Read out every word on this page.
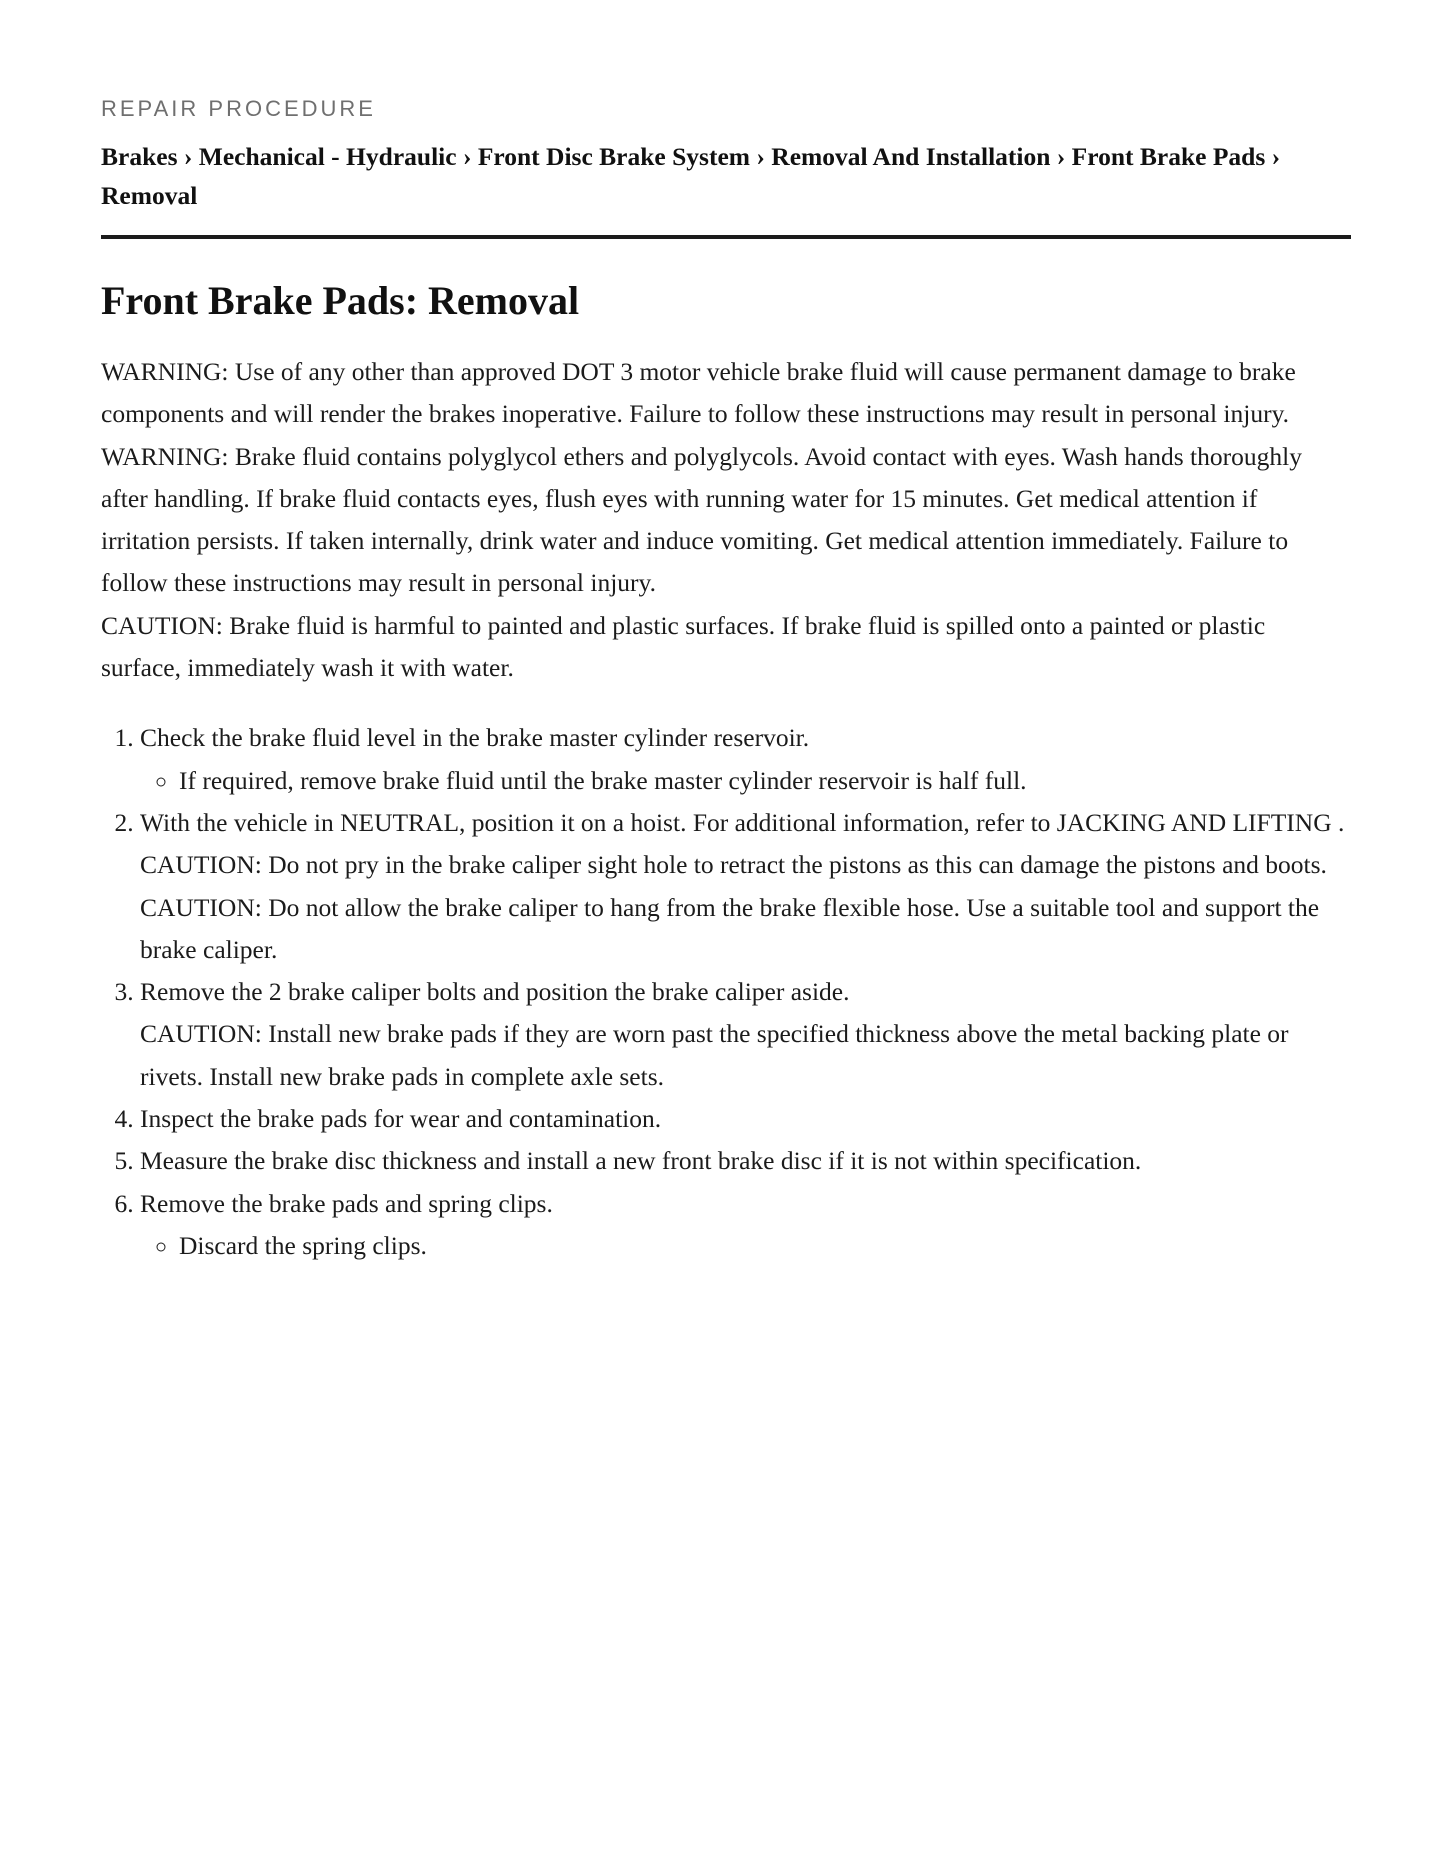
REPAIR PROCEDURE

Brakes › Mechanical - Hydraulic › Front Disc Brake System › Removal And Installation › Front Brake Pads › Removal
Front Brake Pads: Removal

WARNING: Use of any other than approved DOT 3 motor vehicle brake fluid will cause permanent damage to brake components and will render the brakes inoperative. Failure to follow these instructions may result in personal injury.

WARNING: Brake fluid contains polyglycol ethers and polyglycols. Avoid contact with eyes. Wash hands thoroughly after handling. If brake fluid contacts eyes, flush eyes with running water for 15 minutes. Get medical attention if irritation persists. If taken internally, drink water and induce vomiting. Get medical attention immediately. Failure to follow these instructions may result in personal injury.

CAUTION: Brake fluid is harmful to painted and plastic surfaces. If brake fluid is spilled onto a painted or plastic surface, immediately wash it with water.

1. Check the brake fluid level in the brake master cylinder reservoir.
◦ If required, remove brake fluid until the brake master cylinder reservoir is half full.
2. With the vehicle in NEUTRAL, position it on a hoist. For additional information, refer to JACKING AND LIFTING .

CAUTION: Do not pry in the brake caliper sight hole to retract the pistons as this can damage the pistons and boots.

CAUTION: Do not allow the brake caliper to hang from the brake flexible hose. Use a suitable tool and support the brake caliper.

3. Remove the 2 brake caliper bolts and position the brake caliper aside.

CAUTION: Install new brake pads if they are worn past the specified thickness above the metal backing plate or rivets. Install new brake pads in complete axle sets.

4. Inspect the brake pads for wear and contamination.
5. Measure the brake disc thickness and install a new front brake disc if it is not within specification.
6. Remove the brake pads and spring clips.
◦ Discard the spring clips.
